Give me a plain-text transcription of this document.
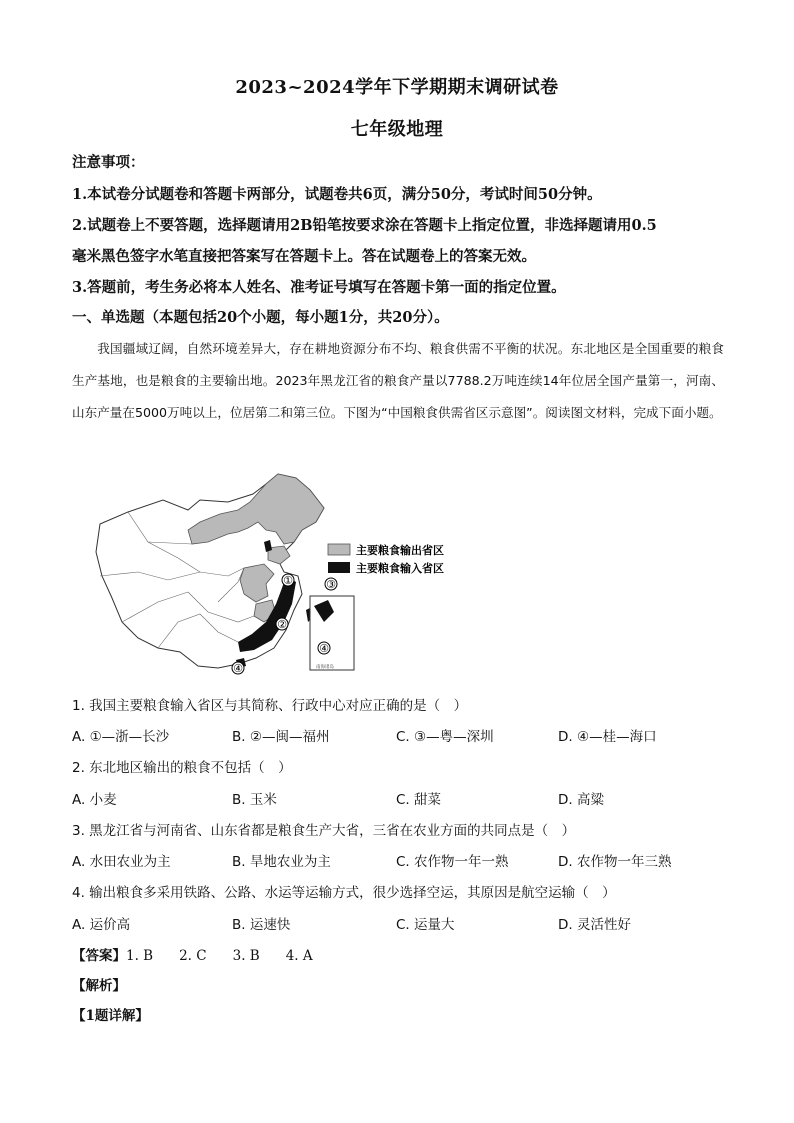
2023~2024学年下学期期末调研试卷
七年级地理
注意事项：
1.本试卷分试题卷和答题卡两部分，试题卷共6页，满分50分，考试时间50分钟。
2.试题卷上不要答题，选择题请用2B铅笔按要求涂在答题卡上指定位置，非选择题请用0.5
毫米黑色签字水笔直接把答案写在答题卡上。答在试题卷上的答案无效。
3.答题前，考生务必将本人姓名、准考证号填写在答题卡第一面的指定位置。
一、单选题（本题包括20个小题，每小题1分，共20分）。
我国疆域辽阔，自然环境差异大，存在耕地资源分布不均、粮食供需不平衡的状况。东北地区是全国重要的粮食生产基地，也是粮食的主要输出地。2023年黑龙江省的粮食产量以7788.2万吨连续14年位居全国产量第一，河南、山东产量在5000万吨以上，位居第二和第三位。下图为“中国粮食供需省区示意图”。阅读图文材料，完成下面小题。
①
②
③
④
④
南海诸岛
主要粮食输出省区
主要粮食输入省区
1. 我国主要粮食输入省区与其简称、行政中心对应正确的是（　）
A. ①—浙—长沙	B. ②—闽—福州	C. ③—粤—深圳	D. ④—桂—海口
2. 东北地区输出的粮食不包括（　）
A. 小麦	B. 玉米	C. 甜菜	D. 高粱
3. 黑龙江省与河南省、山东省都是粮食生产大省，三省在农业方面的共同点是（　）
A. 水田农业为主	B. 旱地农业为主	C. 农作物一年一熟	D. 农作物一年三熟
4. 输出粮食多采用铁路、公路、水运等运输方式，很少选择空运，其原因是航空运输（　）
A. 运价高	B. 运速快	C. 运量大	D. 灵活性好
【答案】1. B 2. C 3. B 4. A
【解析】
【1题详解】
